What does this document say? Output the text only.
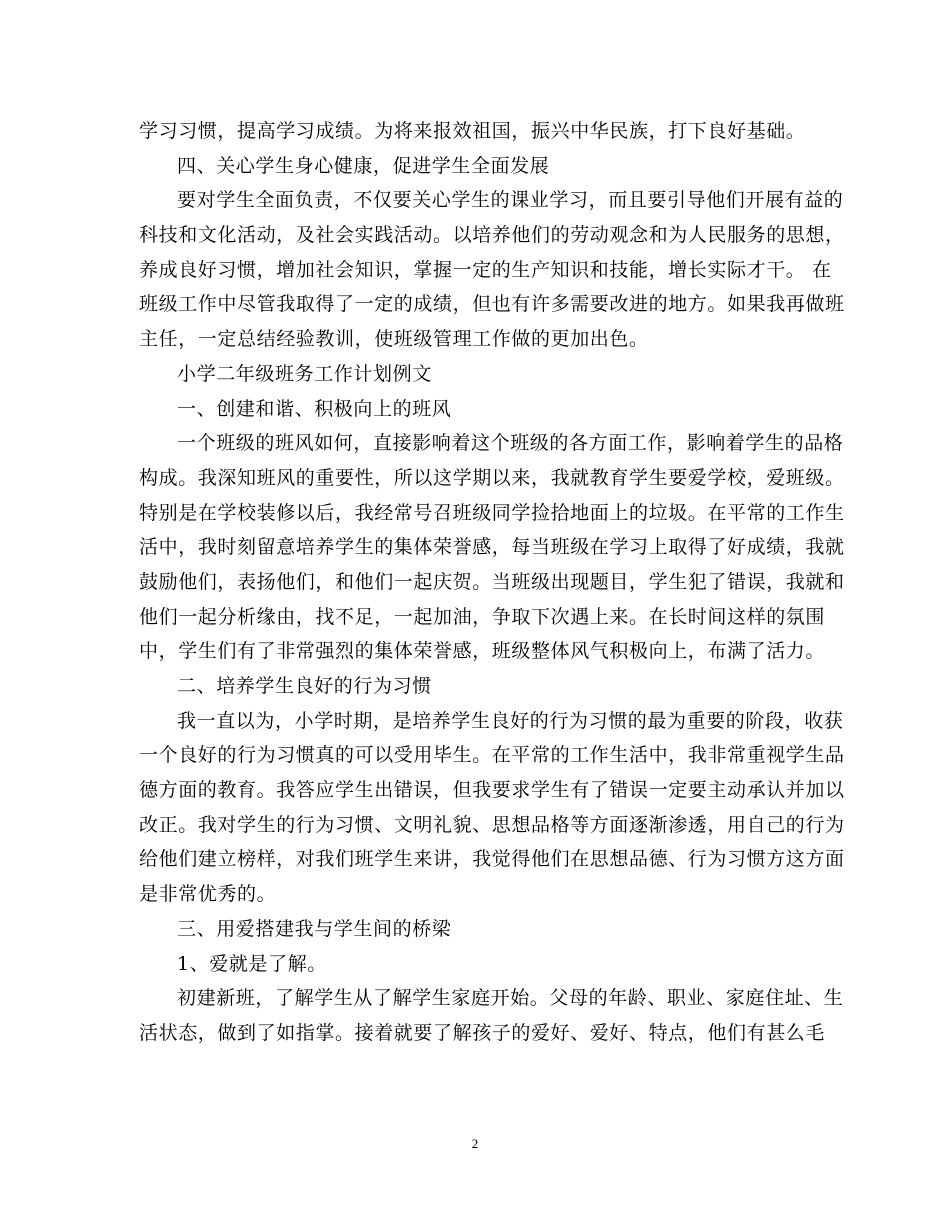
学习习惯，提高学习成绩。为将来报效祖国，振兴中华民族，打下良好基础。
四、关心学生身心健康，促进学生全面发展
要对学生全面负责，不仅要关心学生的课业学习，而且要引导他们开展有益的
科技和文化活动，及社会实践活动。以培养他们的劳动观念和为人民服务的思想，
养成良好习惯，增加社会知识，掌握一定的生产知识和技能，增长实际才干。 在
班级工作中尽管我取得了一定的成绩，但也有许多需要改进的地方。如果我再做班
主任，一定总结经验教训，使班级管理工作做的更加出色。
小学二年级班务工作计划例文
一、创建和谐、积极向上的班风
一个班级的班风如何，直接影响着这个班级的各方面工作，影响着学生的品格
构成。我深知班风的重要性，所以这学期以来，我就教育学生要爱学校，爱班级。
特别是在学校装修以后，我经常号召班级同学捡拾地面上的垃圾。在平常的工作生
活中，我时刻留意培养学生的集体荣誉感，每当班级在学习上取得了好成绩，我就
鼓励他们，表扬他们，和他们一起庆贺。当班级出现题目，学生犯了错误，我就和
他们一起分析缘由，找不足，一起加油，争取下次遇上来。在长时间这样的氛围
中，学生们有了非常强烈的集体荣誉感，班级整体风气积极向上，布满了活力。
二、培养学生良好的行为习惯
我一直以为，小学时期，是培养学生良好的行为习惯的最为重要的阶段，收获
一个良好的行为习惯真的可以受用毕生。在平常的工作生活中，我非常重视学生品
德方面的教育。我答应学生出错误，但我要求学生有了错误一定要主动承认并加以
改正。我对学生的行为习惯、文明礼貌、思想品格等方面逐渐渗透，用自己的行为
给他们建立榜样，对我们班学生来讲，我觉得他们在思想品德、行为习惯方这方面
是非常优秀的。
三、用爱搭建我与学生间的桥梁
1、爱就是了解。
初建新班，了解学生从了解学生家庭开始。父母的年龄、职业、家庭住址、生
活状态，做到了如指掌。接着就要了解孩子的爱好、爱好、特点，他们有甚么毛
2
